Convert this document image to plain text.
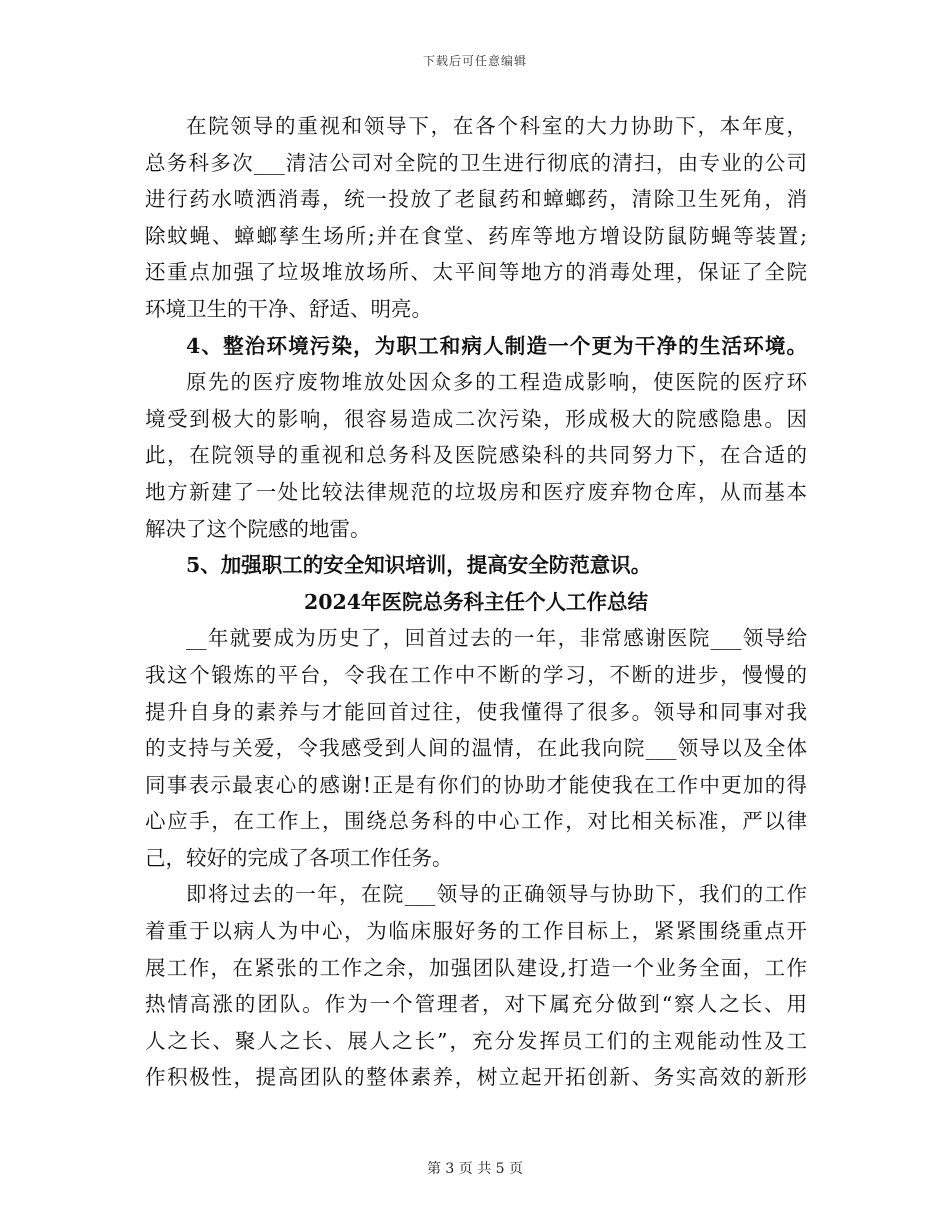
下载后可任意编辑
在院领导的重视和领导下，在各个科室的大力协助下，本年度，
总务科多次___清洁公司对全院的卫生进行彻底的清扫，由专业的公司
进行药水喷洒消毒，统一投放了老鼠药和蟑螂药，清除卫生死角，消
除蚊蝇、蟑螂孳生场所;并在食堂、药库等地方增设防鼠防蝇等装置;
还重点加强了垃圾堆放场所、太平间等地方的消毒处理，保证了全院
环境卫生的干净、舒适、明亮。
4、整治环境污染，为职工和病人制造一个更为干净的生活环境。
原先的医疗废物堆放处因众多的工程造成影响，使医院的医疗环
境受到极大的影响，很容易造成二次污染，形成极大的院感隐患。因
此，在院领导的重视和总务科及医院感染科的共同努力下，在合适的
地方新建了一处比较法律规范的垃圾房和医疗废弃物仓库，从而基本
解决了这个院感的地雷。
5、加强职工的安全知识培训，提高安全防范意识。
2024年医院总务科主任个人工作总结
__年就要成为历史了，回首过去的一年，非常感谢医院___领导给
我这个锻炼的平台，令我在工作中不断的学习，不断的进步，慢慢的
提升自身的素养与才能回首过往，使我懂得了很多。领导和同事对我
的支持与关爱，令我感受到人间的温情，在此我向院___领导以及全体
同事表示最衷心的感谢!正是有你们的协助才能使我在工作中更加的得
心应手，在工作上，围绕总务科的中心工作，对比相关标准，严以律
己，较好的完成了各项工作任务。
即将过去的一年，在院___领导的正确领导与协助下，我们的工作
着重于以病人为中心，为临床服好务的工作目标上，紧紧围绕重点开
展工作，在紧张的工作之余，加强团队建设,打造一个业务全面，工作
热情高涨的团队。作为一个管理者，对下属充分做到“察人之长、用
人之长、聚人之长、展人之长”，充分发挥员工们的主观能动性及工
作积极性，提高团队的整体素养，树立起开拓创新、务实高效的新形
第 3 页 共 5 页
